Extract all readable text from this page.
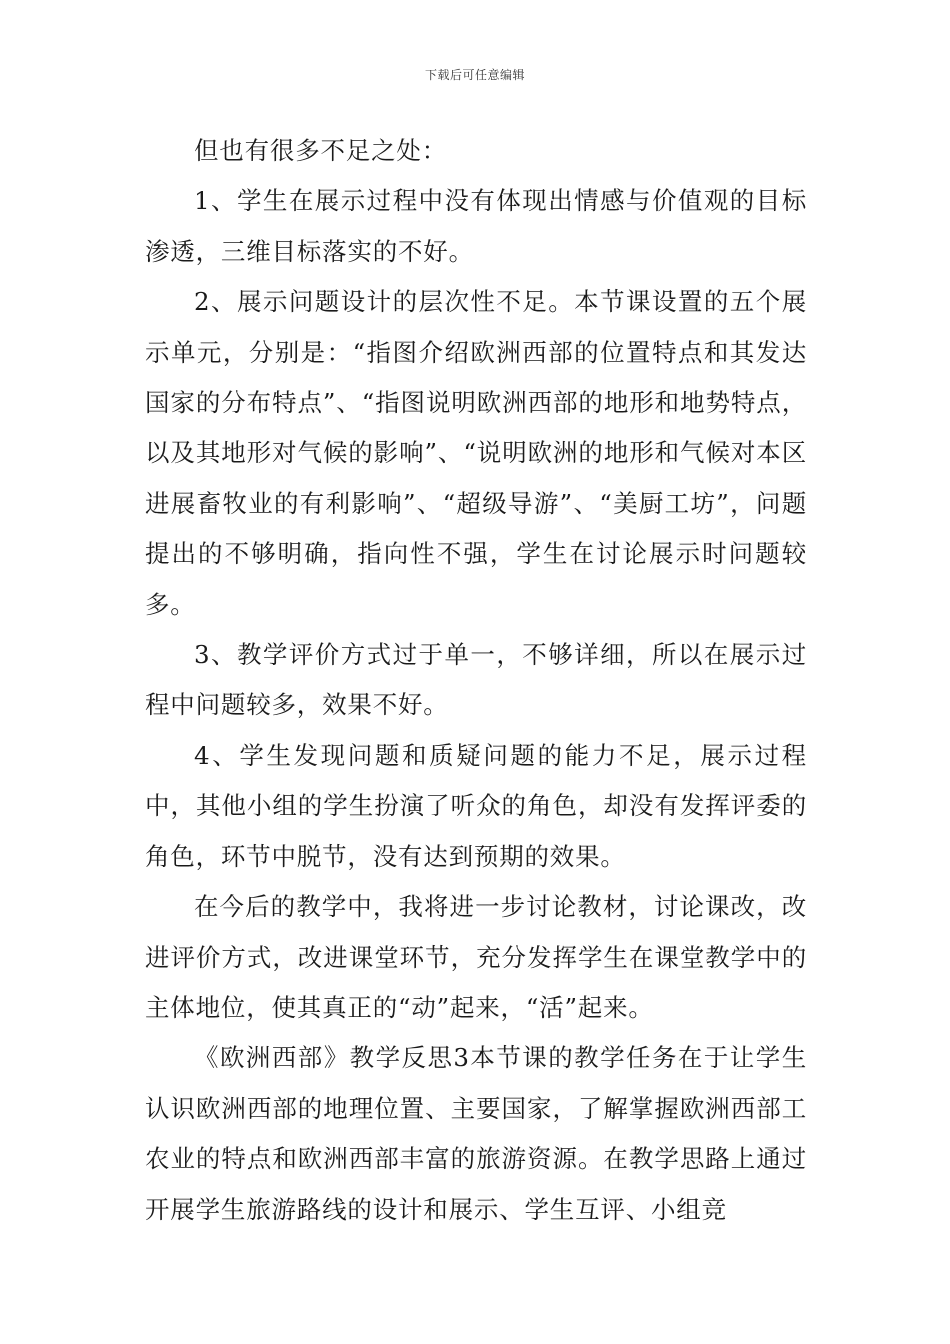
下载后可任意编辑

但也有很多不足之处：

1、学生在展示过程中没有体现出情感与价值观的目标渗透，三维目标落实的不好。

2、展示问题设计的层次性不足。本节课设置的五个展示单元，分别是：“指图介绍欧洲西部的位置特点和其发达国家的分布特点”、“指图说明欧洲西部的地形和地势特点，以及其地形对气候的影响”、“说明欧洲的地形和气候对本区进展畜牧业的有利影响”、“超级导游”、“美厨工坊”，问题提出的不够明确，指向性不强，学生在讨论展示时问题较多。

3、教学评价方式过于单一，不够详细，所以在展示过程中问题较多，效果不好。

4、学生发现问题和质疑问题的能力不足，展示过程中，其他小组的学生扮演了听众的角色，却没有发挥评委的角色，环节中脱节，没有达到预期的效果。

在今后的教学中，我将进一步讨论教材，讨论课改，改进评价方式，改进课堂环节，充分发挥学生在课堂教学中的主体地位，使其真正的“动”起来，“活”起来。

《欧洲西部》教学反思3本节课的教学任务在于让学生认识欧洲西部的地理位置、主要国家，了解掌握欧洲西部工农业的特点和欧洲西部丰富的旅游资源。在教学思路上通过开展学生旅游路线的设计和展示、学生互评、小组竞
